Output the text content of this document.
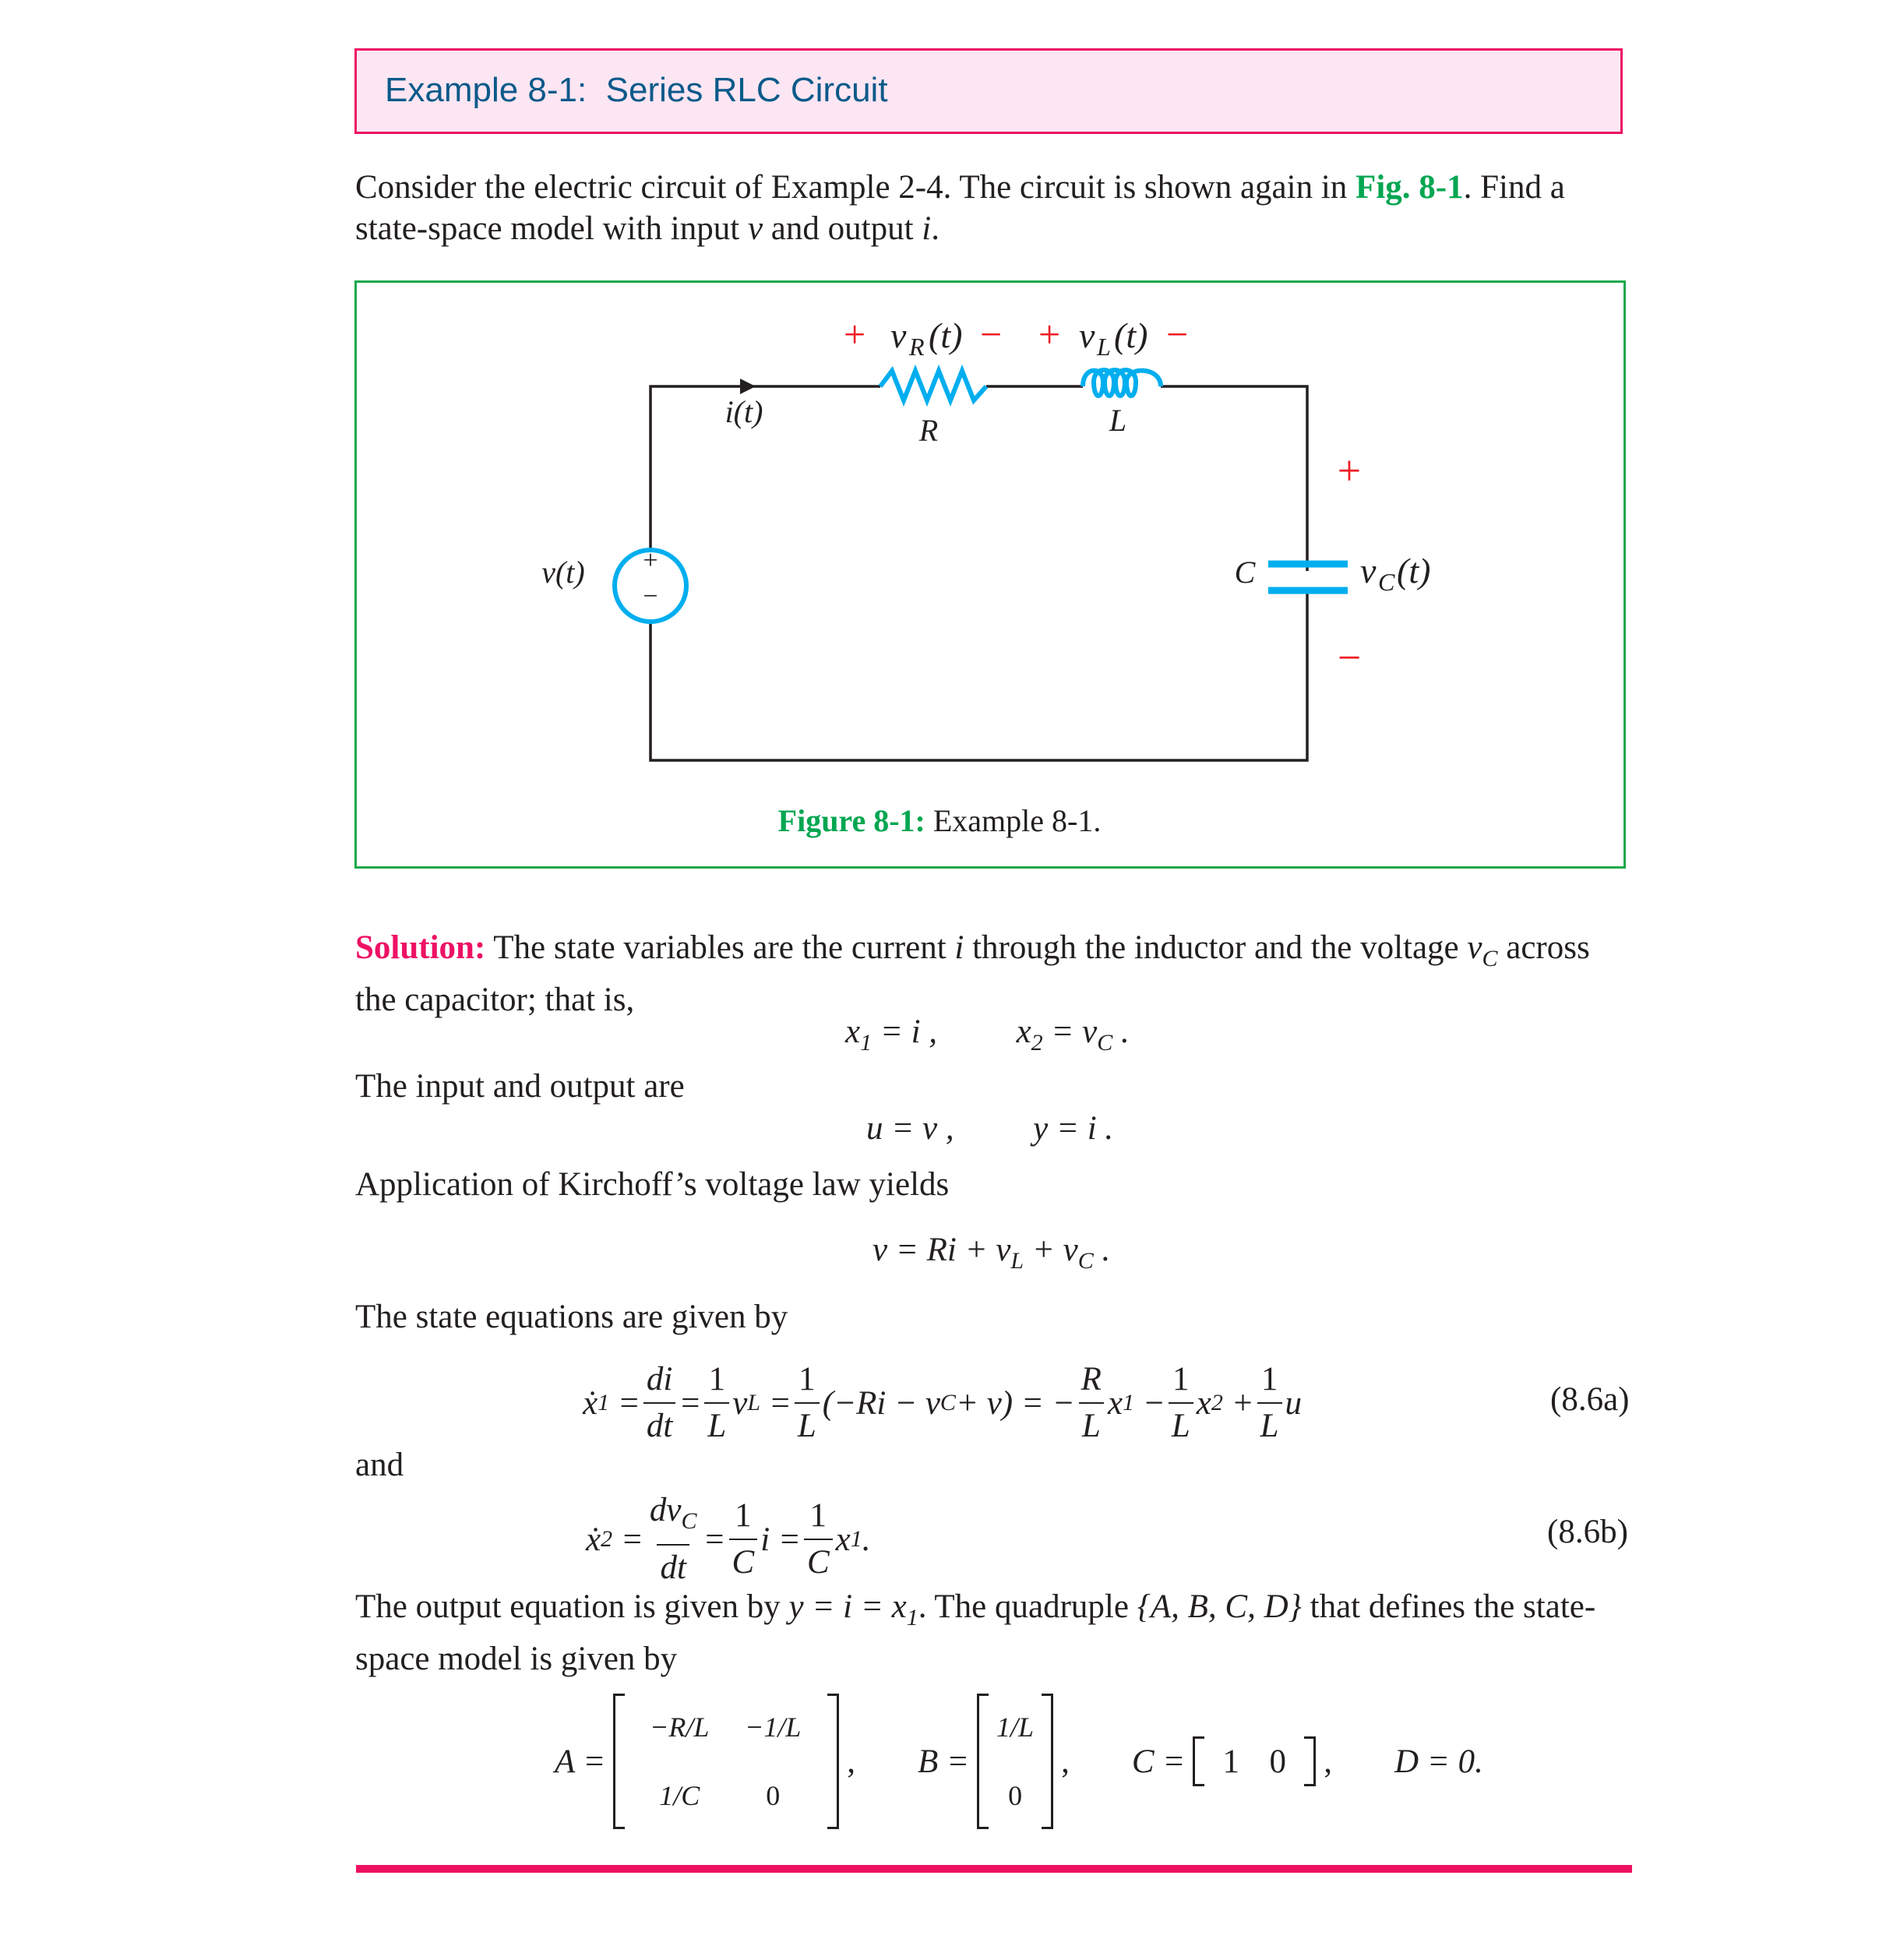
Example 8-1:  Series RLC Circuit
Consider the electric circuit of Example 2-4. The circuit is shown again in Fig. 8-1. Find a
state-space model with input v and output i.
+
−
+ v R (t) − + v L (t) −
R	L
i(t)
v(t)	C	v C (t)
+
−
Figure 8-1: Example 8-1.
Solution: The state variables are the current i through the inductor and the voltage $v_C$ across
the capacitor; that is,
$x_1 = i$ , $x_2 = v_C$ .
The input and output are
u = v , y = i .
Application of Kirchoff’s voltage law yields
$v = Ri + v_L + v_C$ .
The state equations are given by
ẋ $1 = \frac{di}{dt} = \frac{1}{L}$ v $L = \frac{1}{L} (-Ri - v$ C + v) = − $\frac{R}{L}$ x $1 - \frac{1}{L}$ x $2 + \frac{1}{L}$ u	(8.6a)
and
ẋ $2 = \frac{dv_C}{dt} = \frac{1}{C}$ $i = \frac{1}{C}$ x 1 .	(8.6b)
The output equation is given by $y = i = x_1$. The quadruple {A, B, C, D} that defines the state-
space model is given by
A =
−R/L −1/L
1/C 0
, B =
1/L
0
, C = 1 0 , D = 0.
